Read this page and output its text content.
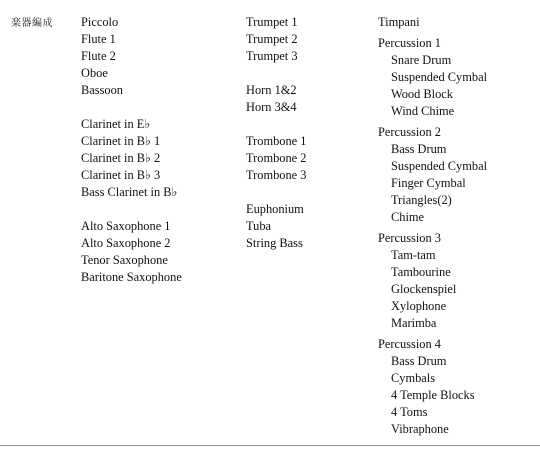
楽器編成 Piccolo
Flute 1
Flute 2
Oboe
Bassoon
Clarinet in E♭
Clarinet in B♭ 1
Clarinet in B♭ 2
Clarinet in B♭ 3
Bass Clarinet in B♭
Alto Saxophone 1
Alto Saxophone 2
Tenor Saxophone
Baritone Saxophone
Trumpet 1
Trumpet 2
Trumpet 3
Horn 1&2
Horn 3&4
Trombone 1
Trombone 2
Trombone 3
Euphonium
Tuba
String Bass
Timpani
Percussion 1
Snare Drum
Suspended Cymbal
Wood Block
Wind Chime
Percussion 2
Bass Drum
Suspended Cymbal
Finger Cymbal
Triangles(2)
Chime
Percussion 3
Tam-tam
Tambourine
Glockenspiel
Xylophone
Marimba
Percussion 4
Bass Drum
Cymbals
4 Temple Blocks
4 Toms
Vibraphone
